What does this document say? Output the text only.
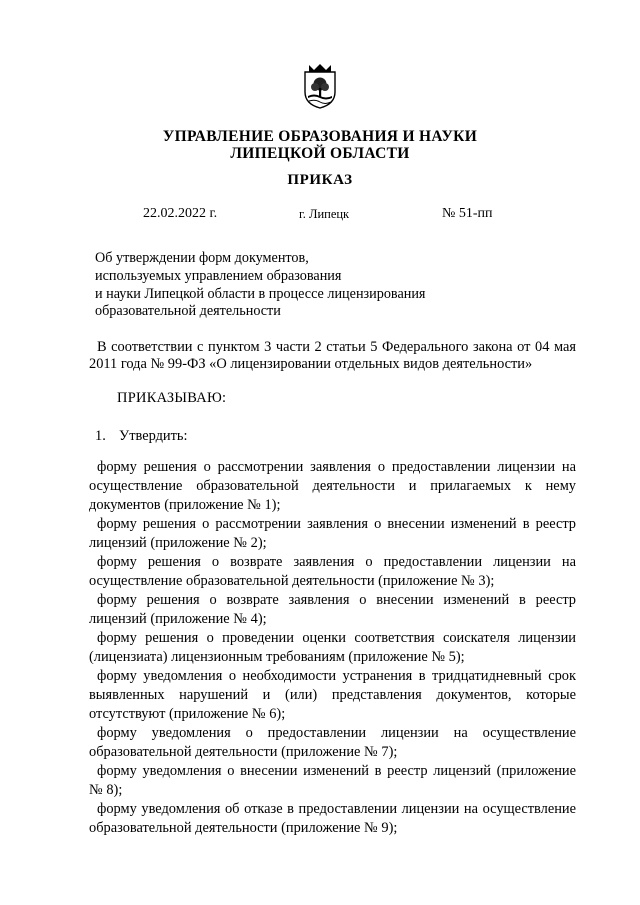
УПРАВЛЕНИЕ ОБРАЗОВАНИЯ И НАУКИ
ЛИПЕЦКОЙ ОБЛАСТИ
ПРИКАЗ
22.02.2022 г.	г. Липецк	№ 51-пп
Об утверждении форм документов,
используемых управлением образования
и науки Липецкой области в процессе лицензирования
образовательной деятельности
В соответствии с пунктом 3 части 2 статьи 5 Федерального закона от 04 мая 2011 года № 99-ФЗ «О лицензировании отдельных видов деятельности»
ПРИКАЗЫВАЮ:
1. Утвердить:

форму решения о рассмотрении заявления о предоставлении лицензии на осуществление образовательной деятельности и прилагаемых к нему документов (приложение № 1);

форму решения о рассмотрении заявления о внесении изменений в реестр лицензий (приложение № 2);

форму решения о возврате заявления о предоставлении лицензии на осуществление образовательной деятельности (приложение № 3);

форму решения о возврате заявления о внесении изменений в реестр лицензий (приложение № 4);

форму решения о проведении оценки соответствия соискателя лицензии (лицензиата) лицензионным требованиям (приложение № 5);

форму уведомления о необходимости устранения в тридцатидневный срок выявленных нарушений и (или) представления документов, которые отсутствуют (приложение № 6);

форму уведомления о предоставлении лицензии на осуществление образовательной деятельности (приложение № 7);

форму уведомления о внесении изменений в реестр лицензий (приложение № 8);

форму уведомления об отказе в предоставлении лицензии на осуществление образовательной деятельности (приложение № 9);
